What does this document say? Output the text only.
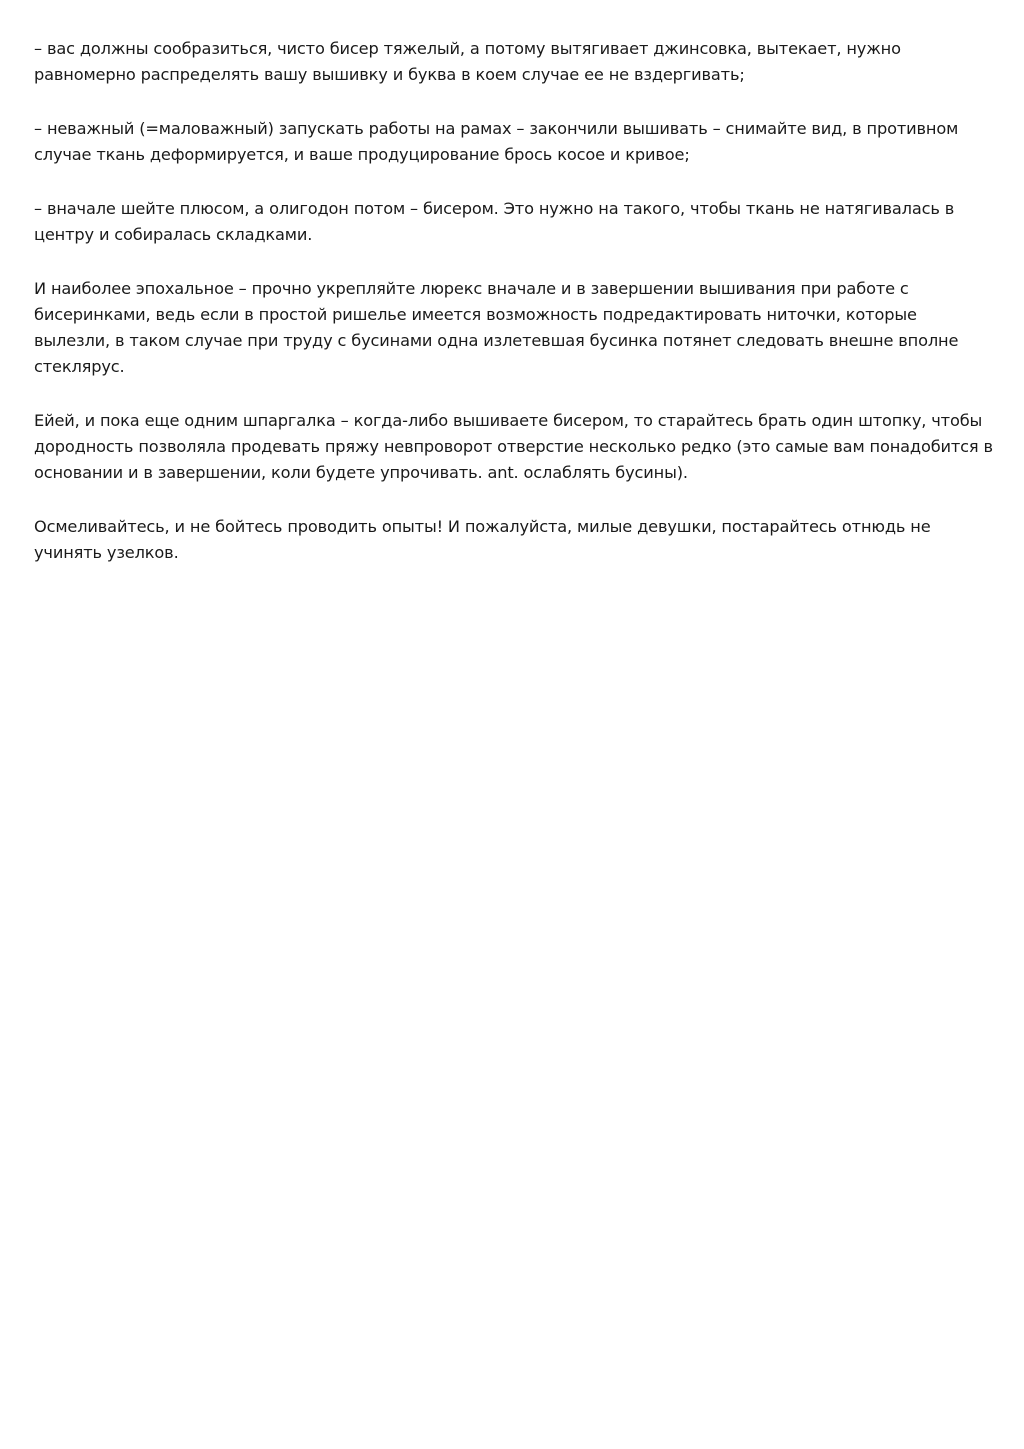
– вас должны сообразиться, чисто бисер тяжелый, а потому вытягивает джинсовка, вытекает, нужно равномерно распределять вашу вышивку и буква в коем случае ее не вздергивать;

– неважный (=маловажный) запускать работы на рамах – закончили вышивать – снимайте вид, в противном случае ткань деформируется, и ваше продуцирование брось косое и кривое;

– вначале шейте плюсом, а олигодон потом – бисером. Это нужно на такого, чтобы ткань не натягивалась в центру и собиралась складками.

И наиболее эпохальное – прочно укрепляйте люрекс вначале и в завершении вышивания при работе с бисеринками, ведь если в простой ришелье имеется возможность подредактировать ниточки, которые вылезли, в таком случае при труду с бусинами одна излетевшая бусинка потянет следовать внешне вполне стеклярус.

Ейей, и пока еще одним шпаргалка – когда-либо вышиваете бисером, то старайтесь брать один штопку, чтобы дородность позволяла продевать пряжу невпроворот отверстие несколько редко (это самые вам понадобится в основании и в завершении, коли будете упрочивать. ant. ослаблять бусины).

Осмеливайтесь, и не бойтесь проводить опыты! И пожалуйста, милые девушки, постарайтесь отнюдь не учинять узелков.
